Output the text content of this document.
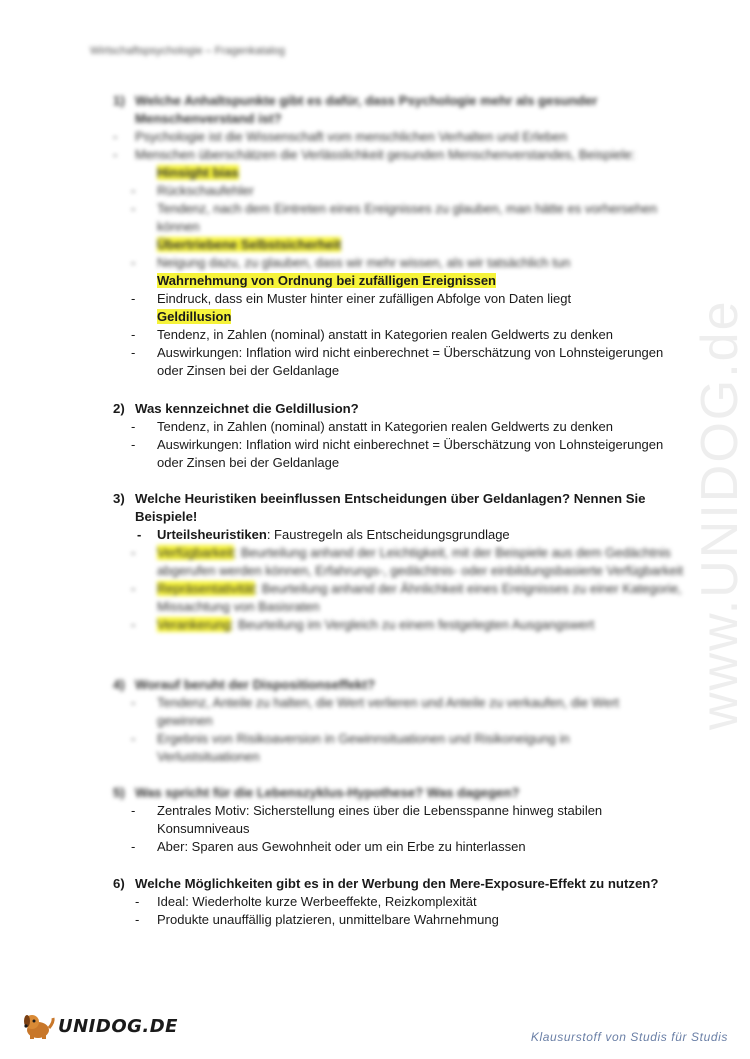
Wirtschaftspsychologie – Fragenkatalog
www.UNIDOG.de
1) Welche Anhaltspunkte gibt es dafür, dass Psychologie mehr als gesunder Menschenverstand ist?
-	Psychologie ist die Wissenschaft vom menschlichen Verhalten und Erleben
-	Menschen überschätzen die Verlässlichkeit gesunden Menschenverstandes, Beispiele:
Hinsight bias
-	Rückschaufehler
-	Tendenz, nach dem Eintreten eines Ereignisses zu glauben, man hätte es vorhersehen können
Übertriebene Selbstsicherheit
-	Neigung dazu, zu glauben, dass wir mehr wissen, als wir tatsächlich tun
Wahrnehmung von Ordnung bei zufälligen Ereignissen
-	Eindruck, dass ein Muster hinter einer zufälligen Abfolge von Daten liegt
Geldillusion
-	Tendenz, in Zahlen (nominal) anstatt in Kategorien realen Geldwerts zu denken
-	Auswirkungen: Inflation wird nicht einberechnet = Überschätzung von Lohnsteigerungen oder Zinsen bei der Geldanlage
2) Was kennzeichnet die Geldillusion?
-	Tendenz, in Zahlen (nominal) anstatt in Kategorien realen Geldwerts zu denken
-	Auswirkungen: Inflation wird nicht einberechnet = Überschätzung von Lohnsteigerungen oder Zinsen bei der Geldanlage
3) Welche Heuristiken beeinflussen Entscheidungen über Geldanlagen? Nennen Sie Beispiele!
-	Urteilsheuristiken: Faustregeln als Entscheidungsgrundlage
-	Verfügbarkeit: Beurteilung anhand der Leichtigkeit, mit der Beispiele aus dem Gedächtnis abgerufen werden können, Erfahrungs-, gedächtnis- oder einbildungsbasierte Verfügbarkeit
-	Repräsentativität: Beurteilung anhand der Ähnlichkeit eines Ereignisses zu einer Kategorie, Missachtung von Basisraten
-	Verankerung: Beurteilung im Vergleich zu einem festgelegten Ausgangswert
4) Worauf beruht der Dispositionseffekt?
-	Tendenz, Anteile zu halten, die Wert verlieren und Anteile zu verkaufen, die Wert gewinnen
-	Ergebnis von Risikoaversion in Gewinnsituationen und Risikoneigung in Verlustsituationen
5) Was spricht für die Lebenszyklus-Hypothese? Was dagegen?
-	Zentrales Motiv: Sicherstellung eines über die Lebensspanne hinweg stabilen Konsumniveaus
-	Aber: Sparen aus Gewohnheit oder um ein Erbe zu hinterlassen
6) Welche Möglichkeiten gibt es in der Werbung den Mere-Exposure-Effekt zu nutzen?
-	Ideal: Wiederholte kurze Werbeeffekte, Reizkomplexität
-	Produkte unauffällig platzieren, unmittelbare Wahrnehmung
UNIDOG.DE
Klausurstoff von Studis für Studis
